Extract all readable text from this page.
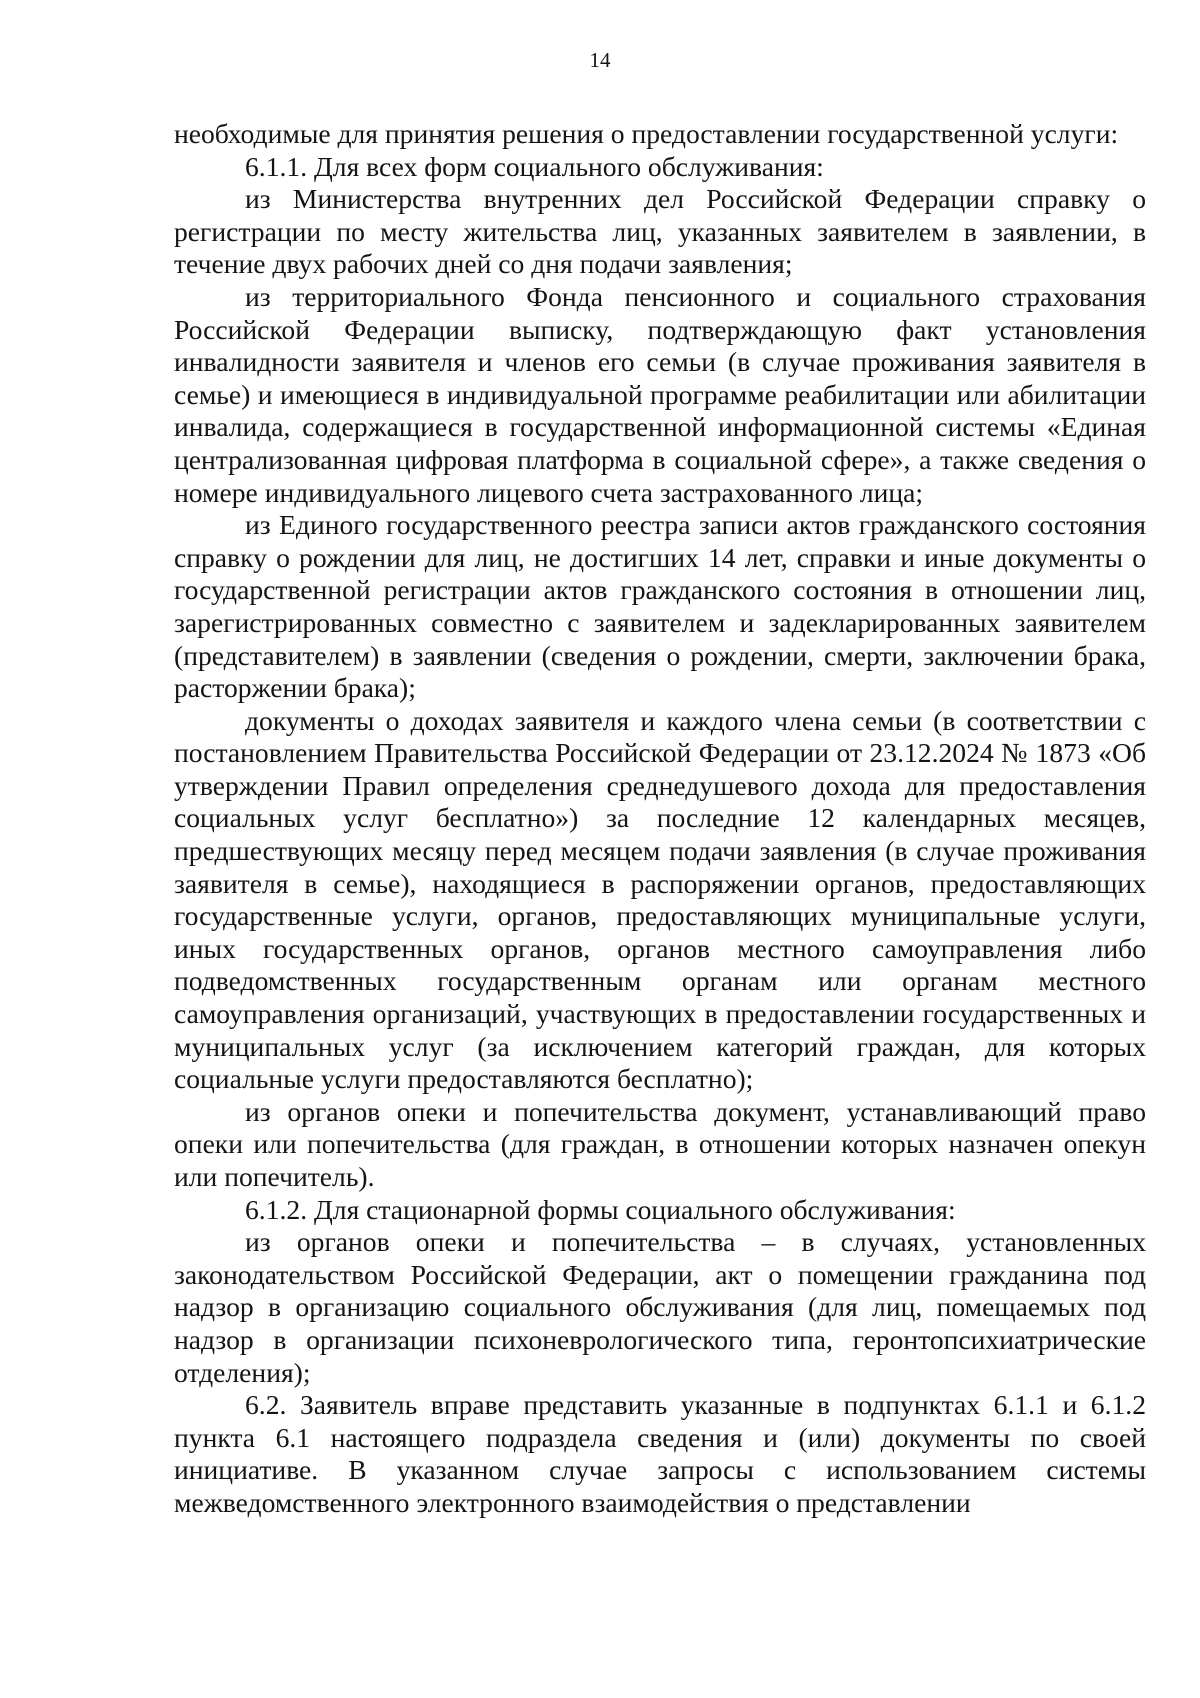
14

необходимые для принятия решения о предоставлении государственной услуги:

6.1.1. Для всех форм социального обслуживания:

из Министерства внутренних дел Российской Федерации справку о регистрации по месту жительства лиц, указанных заявителем в заявлении, в течение двух рабочих дней со дня подачи заявления;

из территориального Фонда пенсионного и социального страхования Российской Федерации выписку, подтверждающую факт установления инвалидности заявителя и членов его семьи (в случае проживания заявителя в семье) и имеющиеся в индивидуальной программе реабилитации или абилитации инвалида, содержащиеся в государственной информационной системы «Единая централизованная цифровая платформа в социальной сфере», а также сведения о номере индивидуального лицевого счета застрахованного лица;

из Единого государственного реестра записи актов гражданского состояния справку о рождении для лиц, не достигших 14 лет, справки и иные документы о государственной регистрации актов гражданского состояния в отношении лиц, зарегистрированных совместно с заявителем и задекларированных заявителем (представителем) в заявлении (сведения о рождении, смерти, заключении брака, расторжении брака);

документы о доходах заявителя и каждого члена семьи (в соответствии с постановлением Правительства Российской Федерации от 23.12.2024 № 1873 «Об утверждении Правил определения среднедушевого дохода для предоставления социальных услуг бесплатно») за последние 12 календарных месяцев, предшествующих месяцу перед месяцем подачи заявления (в случае проживания заявителя в семье), находящиеся в распоряжении органов, предоставляющих государственные услуги, органов, предоставляющих муниципальные услуги, иных государственных органов, органов местного самоуправления либо подведомственных государственным органам или органам местного самоуправления организаций, участвующих в предоставлении государственных и муниципальных услуг (за исключением категорий граждан, для которых социальные услуги предоставляются бесплатно);

из органов опеки и попечительства документ, устанавливающий право опеки или попечительства (для граждан, в отношении которых назначен опекун или попечитель).

6.1.2. Для стационарной формы социального обслуживания:

из органов опеки и попечительства – в случаях, установленных законодательством Российской Федерации, акт о помещении гражданина под надзор в организацию социального обслуживания (для лиц, помещаемых под надзор в организации психоневрологического типа, геронтопсихиатрические отделения);

6.2. Заявитель вправе представить указанные в подпунктах 6.1.1 и 6.1.2 пункта 6.1 настоящего подраздела сведения и (или) документы по своей инициативе. В указанном случае запросы с использованием системы межведомственного электронного взаимодействия о представлении
